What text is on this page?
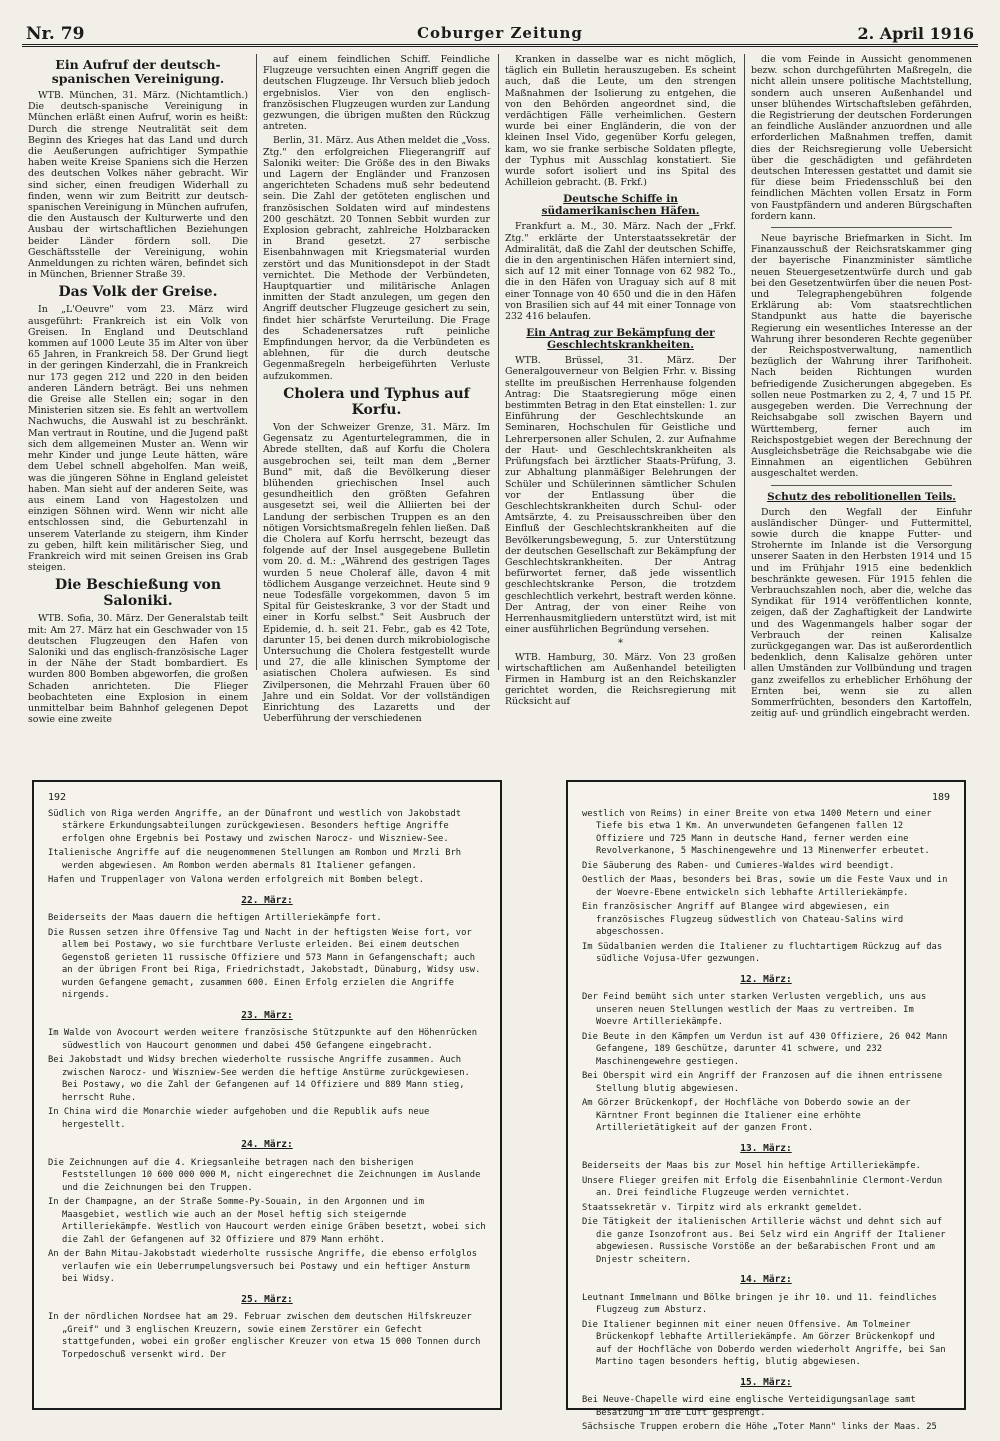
Nr. 79	Coburger Zeitung	2. April 1916
Ein Aufruf der deutsch-spanischen Vereinigung.

WTB. München, 31. März. (Nichtamtlich.) Die deutsch-spanische Vereinigung in München erläßt einen Aufruf, worin es heißt: Durch die strenge Neutralität seit dem Beginn des Krieges hat das Land und durch die Aeußerungen aufrichtiger Sympathie haben weite Kreise Spaniens sich die Herzen des deutschen Volkes näher gebracht. Wir sind sicher, einen freudigen Widerhall zu finden, wenn wir zum Beitritt zur deutsch-spanischen Vereinigung in München aufrufen, die den Austausch der Kulturwerte und den Ausbau der wirtschaftlichen Beziehungen beider Länder fördern soll. Die Geschäftsstelle der Vereinigung, wohin Anmeldungen zu richten wären, befindet sich in München, Brienner Straße 39.

Das Volk der Greise.

In „L'Oeuvre" vom 23. März wird ausgeführt: Frankreich ist ein Volk von Greisen. In England und Deutschland kommen auf 1000 Leute 35 im Alter von über 65 Jahren, in Frankreich 58. Der Grund liegt in der geringen Kinderzahl, die in Frankreich nur 173 gegen 212 und 220 in den beiden anderen Ländern beträgt. Bei uns nehmen die Greise alle Stellen ein; sogar in den Ministerien sitzen sie. Es fehlt an wertvollem Nachwuchs, die Auswahl ist zu beschränkt. Man vertraut in Routine, und die Jugend paßt sich dem allgemeinen Muster an. Wenn wir mehr Kinder und junge Leute hätten, wäre dem Uebel schnell abgeholfen. Man weiß, was die jüngeren Söhne in England geleistet haben. Man sieht auf der anderen Seite, was aus einem Land von Hagestolzen und einzigen Söhnen wird. Wenn wir nicht alle entschlossen sind, die Geburtenzahl in unserem Vaterlande zu steigern, ihm Kinder zu geben, hilft kein militärischer Sieg, und Frankreich wird mit seinen Greisen ins Grab steigen.

Die Beschießung von Saloniki.

WTB. Sofia, 30. März. Der Generalstab teilt mit: Am 27. März hat ein Geschwader von 15 deutschen Flugzeugen den Hafen von Saloniki und das englisch-französische Lager in der Nähe der Stadt bombardiert. Es wurden 800 Bomben abgeworfen, die großen Schaden anrichteten. Die Flieger beobachteten eine Explosion in einem unmittelbar beim Bahnhof gelegenen Depot sowie eine zweite

auf einem feindlichen Schiff. Feindliche Flugzeuge versuchten einen Angriff gegen die deutschen Flugzeuge. Ihr Versuch blieb jedoch ergebnislos. Vier von den englisch-französischen Flugzeugen wurden zur Landung gezwungen, die übrigen mußten den Rückzug antreten.

Berlin, 31. März. Aus Athen meldet die „Voss. Ztg." den erfolgreichen Fliegerangriff auf Saloniki weiter: Die Größe des in den Biwaks und Lagern der Engländer und Franzosen angerichteten Schadens muß sehr bedeutend sein. Die Zahl der getöteten englischen und französischen Soldaten wird auf mindestens 200 geschätzt. 20 Tonnen Sebbit wurden zur Explosion gebracht, zahlreiche Holzbaracken in Brand gesetzt. 27 serbische Eisenbahnwagen mit Kriegsmaterial wurden zerstört und das Munitionsdepot in der Stadt vernichtet. Die Methode der Verbündeten, Hauptquartier und militärische Anlagen inmitten der Stadt anzulegen, um gegen den Angriff deutscher Flugzeuge gesichert zu sein, findet hier schärfste Verurteilung. Die Frage des Schadenersatzes ruft peinliche Empfindungen hervor, da die Verbündeten es ablehnen, für die durch deutsche Gegenmaßregeln herbeigeführten Verluste aufzukommen.

Cholera und Typhus auf Korfu.

Von der Schweizer Grenze, 31. März. Im Gegensatz zu Agenturtelegrammen, die in Abrede stellten, daß auf Korfu die Cholera ausgebrochen sei, teilt man dem „Berner Bund" mit, daß die Bevölkerung dieser blühenden griechischen Insel auch gesundheitlich den größten Gefahren ausgesetzt sei, weil die Alliierten bei der Landung der serbischen Truppen es an den nötigen Vorsichtsmaßregeln fehlen ließen. Daß die Cholera auf Korfu herrscht, bezeugt das folgende auf der Insel ausgegebene Bulletin vom 20. d. M.: „Während des gestrigen Tages wurden 5 neue Choleraf älle, davon 4 mit tödlichem Ausgange verzeichnet. Heute sind 9 neue Todesfälle vorgekommen, davon 5 im Spital für Geisteskranke, 3 vor der Stadt und einer in Korfu selbst." Seit Ausbruch der Epidemie, d. h. seit 21. Febr., gab es 42 Tote, darunter 15, bei denen durch mikrobiologische Untersuchung die Cholera festgestellt wurde und 27, die alle klinischen Symptome der asiatischen Cholera aufwiesen. Es sind Zivilpersonen, die Mehrzahl Frauen über 60 Jahre und ein Soldat. Vor der vollständigen Einrichtung des Lazaretts und der Ueberführung der verschiedenen

Kranken in dasselbe war es nicht möglich, täglich ein Bulletin herauszugeben. Es scheint auch, daß die Leute, um den strengen Maßnahmen der Isolierung zu entgehen, die von den Behörden angeordnet sind, die verdächtigen Fälle verheimlichen. Gestern wurde bei einer Engländerin, die von der kleinen Insel Vido, gegenüber Korfu gelegen, kam, wo sie franke serbische Soldaten pflegte, der Typhus mit Ausschlag konstatiert. Sie wurde sofort isoliert und ins Spital des Achilleion gebracht. (B. Frkf.)

Deutsche Schiffe in südamerikanischen Häfen.

Frankfurt a. M., 30. März. Nach der „Frkf. Ztg." erklärte der Unterstaatssekretär der Admiralität, daß die Zahl der deutschen Schiffe, die in den argentinischen Häfen interniert sind, sich auf 12 mit einer Tonnage von 62 982 To., die in den Häfen von Uraguay sich auf 8 mit einer Tonnage von 40 650 und die in den Häfen von Brasilien sich auf 44 mit einer Tonnage von 232 416 belaufen.

Ein Antrag zur Bekämpfung der Geschlechtskrankheiten.

WTB. Brüssel, 31. März. Der Generalgouverneur von Belgien Frhr. v. Bissing stellte im preußischen Herrenhause folgenden Antrag: Die Staatsregierung möge einen bestimmten Betrag in den Etat einstellen: 1. zur Einführung der Geschlechtskunde an Seminaren, Hochschulen für Geistliche und Lehrerpersonen aller Schulen, 2. zur Aufnahme der Haut- und Geschlechtskrankheiten als Prüfungsfach bei ärztlicher Staats-Prüfung, 3. zur Abhaltung planmäßiger Belehrungen der Schüler und Schülerinnen sämtlicher Schulen vor der Entlassung über die Geschlechtskrankheiten durch Schul- oder Amtsärzte, 4. zu Preisausschreiben über den Einfluß der Geschlechtskrankheiten auf die Bevölkerungsbewegung, 5. zur Unterstützung der deutschen Gesellschaft zur Bekämpfung der Geschlechtskrankheiten. Der Antrag befürwortet ferner, daß jede wissentlich geschlechtskranke Person, die trotzdem geschlechtlich verkehrt, bestraft werden könne. Der Antrag, der von einer Reihe von Herrenhausmitgliedern unterstützt wird, ist mit einer ausführlichen Begründung versehen.

*

WTB. Hamburg, 30. März. Von 23 großen wirtschaftlichen am Außenhandel beteiligten Firmen in Hamburg ist an den Reichskanzler gerichtet worden, die Reichsregierung mit Rücksicht auf

die vom Feinde in Aussicht genommenen bezw. schon durchgeführten Maßregeln, die nicht allein unsere politische Machtstellung, sondern auch unseren Außenhandel und unser blühendes Wirtschaftsleben gefährden, die Registrierung der deutschen Forderungen an feindliche Ausländer anzuordnen und alle erforderlichen Maßnahmen treffen, damit dies der Reichsregierung volle Uebersicht über die geschädigten und gefährdeten deutschen Interessen gestattet und damit sie für diese beim Friedensschluß bei den feindlichen Mächten vollen Ersatz in Form von Faustpfändern und anderen Bürgschaften fordern kann.

Neue bayrische Briefmarken in Sicht. Im Finanzausschuß der Reichsratskammer ging der bayerische Finanzminister sämtliche neuen Steuergesetzentwürfe durch und gab bei den Gesetzentwürfen über die neuen Post- und Telegraphengebühren folgende Erklärung ab: Vom staatsrechtlichen Standpunkt aus hatte die bayerische Regierung ein wesentliches Interesse an der Wahrung ihrer besonderen Rechte gegenüber der Reichspostverwaltung, namentlich bezüglich der Wahrung ihrer Tarifhoheit. Nach beiden Richtungen wurden befriedigende Zusicherungen abgegeben. Es sollen neue Postmarken zu 2, 4, 7 und 15 Pf. ausgegeben werden. Die Verrechnung der Reichsabgabe soll zwischen Bayern und Württemberg, ferner auch im Reichspostgebiet wegen der Berechnung der Ausgleichsbeträge die Reichsabgabe wie die Einnahmen an eigentlichen Gebühren ausgeschaltet werden.

Schutz des rebolitionellen Teils.

Durch den Wegfall der Einfuhr ausländischer Dünger- und Futtermittel, sowie durch die knappe Futter- und Strohernte im Inlande ist die Versorgung unserer Saaten in den Herbsten 1914 und 15 und im Frühjahr 1915 eine bedenklich beschränkte gewesen. Für 1915 fehlen die Verbrauchszahlen noch, aber die, welche das Syndikat für 1914 veröffentlichen konnte, zeigen, daß der Zaghaftigkeit der Landwirte und des Wagenmangels halber sogar der Verbrauch der reinen Kalisalze zurückgegangen war. Das ist außerordentlich bedenklich, denn Kalisalze gehören unter allen Umständen zur Vollbündung und tragen ganz zweifellos zu erheblicher Erhöhung der Ernten bei, wenn sie zu allen Sommerfrüchten, besonders den Kartoffeln, zeitig auf- und gründlich eingebracht werden.

192
Südlich von Riga werden Angriffe, an der Dünafront und westlich von Jakobstadt stärkere Erkundungsabteilungen zurückgewiesen. Besonders heftige Angriffe erfolgen ohne Ergebnis bei Postawy und zwischen Narocz- und Wiszniew-See.
Italienische Angriffe auf die neugenommenen Stellungen am Rombon und Mrzli Brh werden abgewiesen. Am Rombon werden abermals 81 Italiener gefangen.
Hafen und Truppenlager von Valona werden erfolgreich mit Bomben belegt.
22. März:
Beiderseits der Maas dauern die heftigen Artilleriekämpfe fort.
Die Russen setzen ihre Offensive Tag und Nacht in der heftigsten Weise fort, vor allem bei Postawy, wo sie furchtbare Verluste erleiden. Bei einem deutschen Gegenstoß gerieten 11 russische Offiziere und 573 Mann in Gefangenschaft; auch an der übrigen Front bei Riga, Friedrichstadt, Jakobstadt, Dünaburg, Widsy usw. wurden Gefangene gemacht, zusammen 600. Einen Erfolg erzielen die Angriffe nirgends.
23. März:
Im Walde von Avocourt werden weitere französische Stützpunkte auf den Höhenrücken südwestlich von Haucourt genommen und dabei 450 Gefangene eingebracht.
Bei Jakobstadt und Widsy brechen wiederholte russische Angriffe zusammen. Auch zwischen Narocz- und Wiszniew-See werden die heftige Anstürme zurückgewiesen. Bei Postawy, wo die Zahl der Gefangenen auf 14 Offiziere und 889 Mann stieg, herrscht Ruhe.
In China wird die Monarchie wieder aufgehoben und die Republik aufs neue hergestellt.
24. März:
Die Zeichnungen auf die 4. Kriegsanleihe betragen nach den bisherigen Feststellungen 10 600 000 000 M, nicht eingerechnet die Zeichnungen im Auslande und die Zeichnungen bei den Truppen.
In der Champagne, an der Straße Somme-Py-Souain, in den Argonnen und im Maasgebiet, westlich wie auch an der Mosel heftig sich steigernde Artilleriekämpfe. Westlich von Haucourt werden einige Gräben besetzt, wobei sich die Zahl der Gefangenen auf 32 Offiziere und 879 Mann erhöht.
An der Bahn Mitau-Jakobstadt wiederholte russische Angriffe, die ebenso erfolglos verlaufen wie ein Ueberrumpelungsversuch bei Postawy und ein heftiger Ansturm bei Widsy.
25. März:
In der nördlichen Nordsee hat am 29. Februar zwischen dem deutschen Hilfskreuzer „Greif" und 3 englischen Kreuzern, sowie einem Zerstörer ein Gefecht stattgefunden, wobei ein großer englischer Kreuzer von etwa 15 000 Tonnen durch Torpedoschuß versenkt wird. Der
189
westlich von Reims) in einer Breite von etwa 1400 Metern und einer Tiefe bis etwa 1 Km. An unverwundeten Gefangenen fallen 12 Offiziere und 725 Mann in deutsche Hand, ferner werden eine Revolverkanone, 5 Maschinengewehre und 13 Minenwerfer erbeutet.
Die Säuberung des Raben- und Cumieres-Waldes wird beendigt.
Oestlich der Maas, besonders bei Bras, sowie um die Feste Vaux und in der Woevre-Ebene entwickeln sich lebhafte Artilleriekämpfe.
Ein französischer Angriff auf Blangee wird abgewiesen, ein französisches Flugzeug südwestlich von Chateau-Salins wird abgeschossen.
Im Südalbanien werden die Italiener zu fluchtartigem Rückzug auf das südliche Vojusa-Ufer gezwungen.
12. März:
Der Feind bemüht sich unter starken Verlusten vergeblich, uns aus unseren neuen Stellungen westlich der Maas zu vertreiben. Im Woevre Artilleriekämpfe.
Die Beute in den Kämpfen um Verdun ist auf 430 Offiziere, 26 042 Mann Gefangene, 189 Geschütze, darunter 41 schwere, und 232 Maschinengewehre gestiegen.
Bei Oberspit wird ein Angriff der Franzosen auf die ihnen entrissene Stellung blutig abgewiesen.
Am Görzer Brückenkopf, der Hochfläche von Doberdo sowie an der Kärntner Front beginnen die Italiener eine erhöhte Artillerietätigkeit auf der ganzen Front.
13. März:
Beiderseits der Maas bis zur Mosel hin heftige Artilleriekämpfe.
Unsere Flieger greifen mit Erfolg die Eisenbahnlinie Clermont-Verdun an. Drei feindliche Flugzeuge werden vernichtet.
Staatssekretär v. Tirpitz wird als erkrankt gemeldet.
Die Tätigkeit der italienischen Artillerie wächst und dehnt sich auf die ganze Isonzofront aus. Bei Selz wird ein Angriff der Italiener abgewiesen. Russische Vorstöße an der beßarabischen Front und am Dnjestr scheitern.
14. März:
Leutnant Immelmann und Bölke bringen je ihr 10. und 11. feindliches Flugzeug zum Absturz.
Die Italiener beginnen mit einer neuen Offensive. Am Tolmeiner Brückenkopf lebhafte Artilleriekämpfe. Am Görzer Brückenkopf und auf der Hochfläche von Doberdo werden wiederholt Angriffe, bei San Martino tagen besonders heftig, blutig abgewiesen.
15. März:
Bei Neuve-Chapelle wird eine englische Verteidigungsanlage samt Besatzung in die Luft gesprengt.
Sächsische Truppen erobern die Höhe „Toter Mann" links der Maas. 25
